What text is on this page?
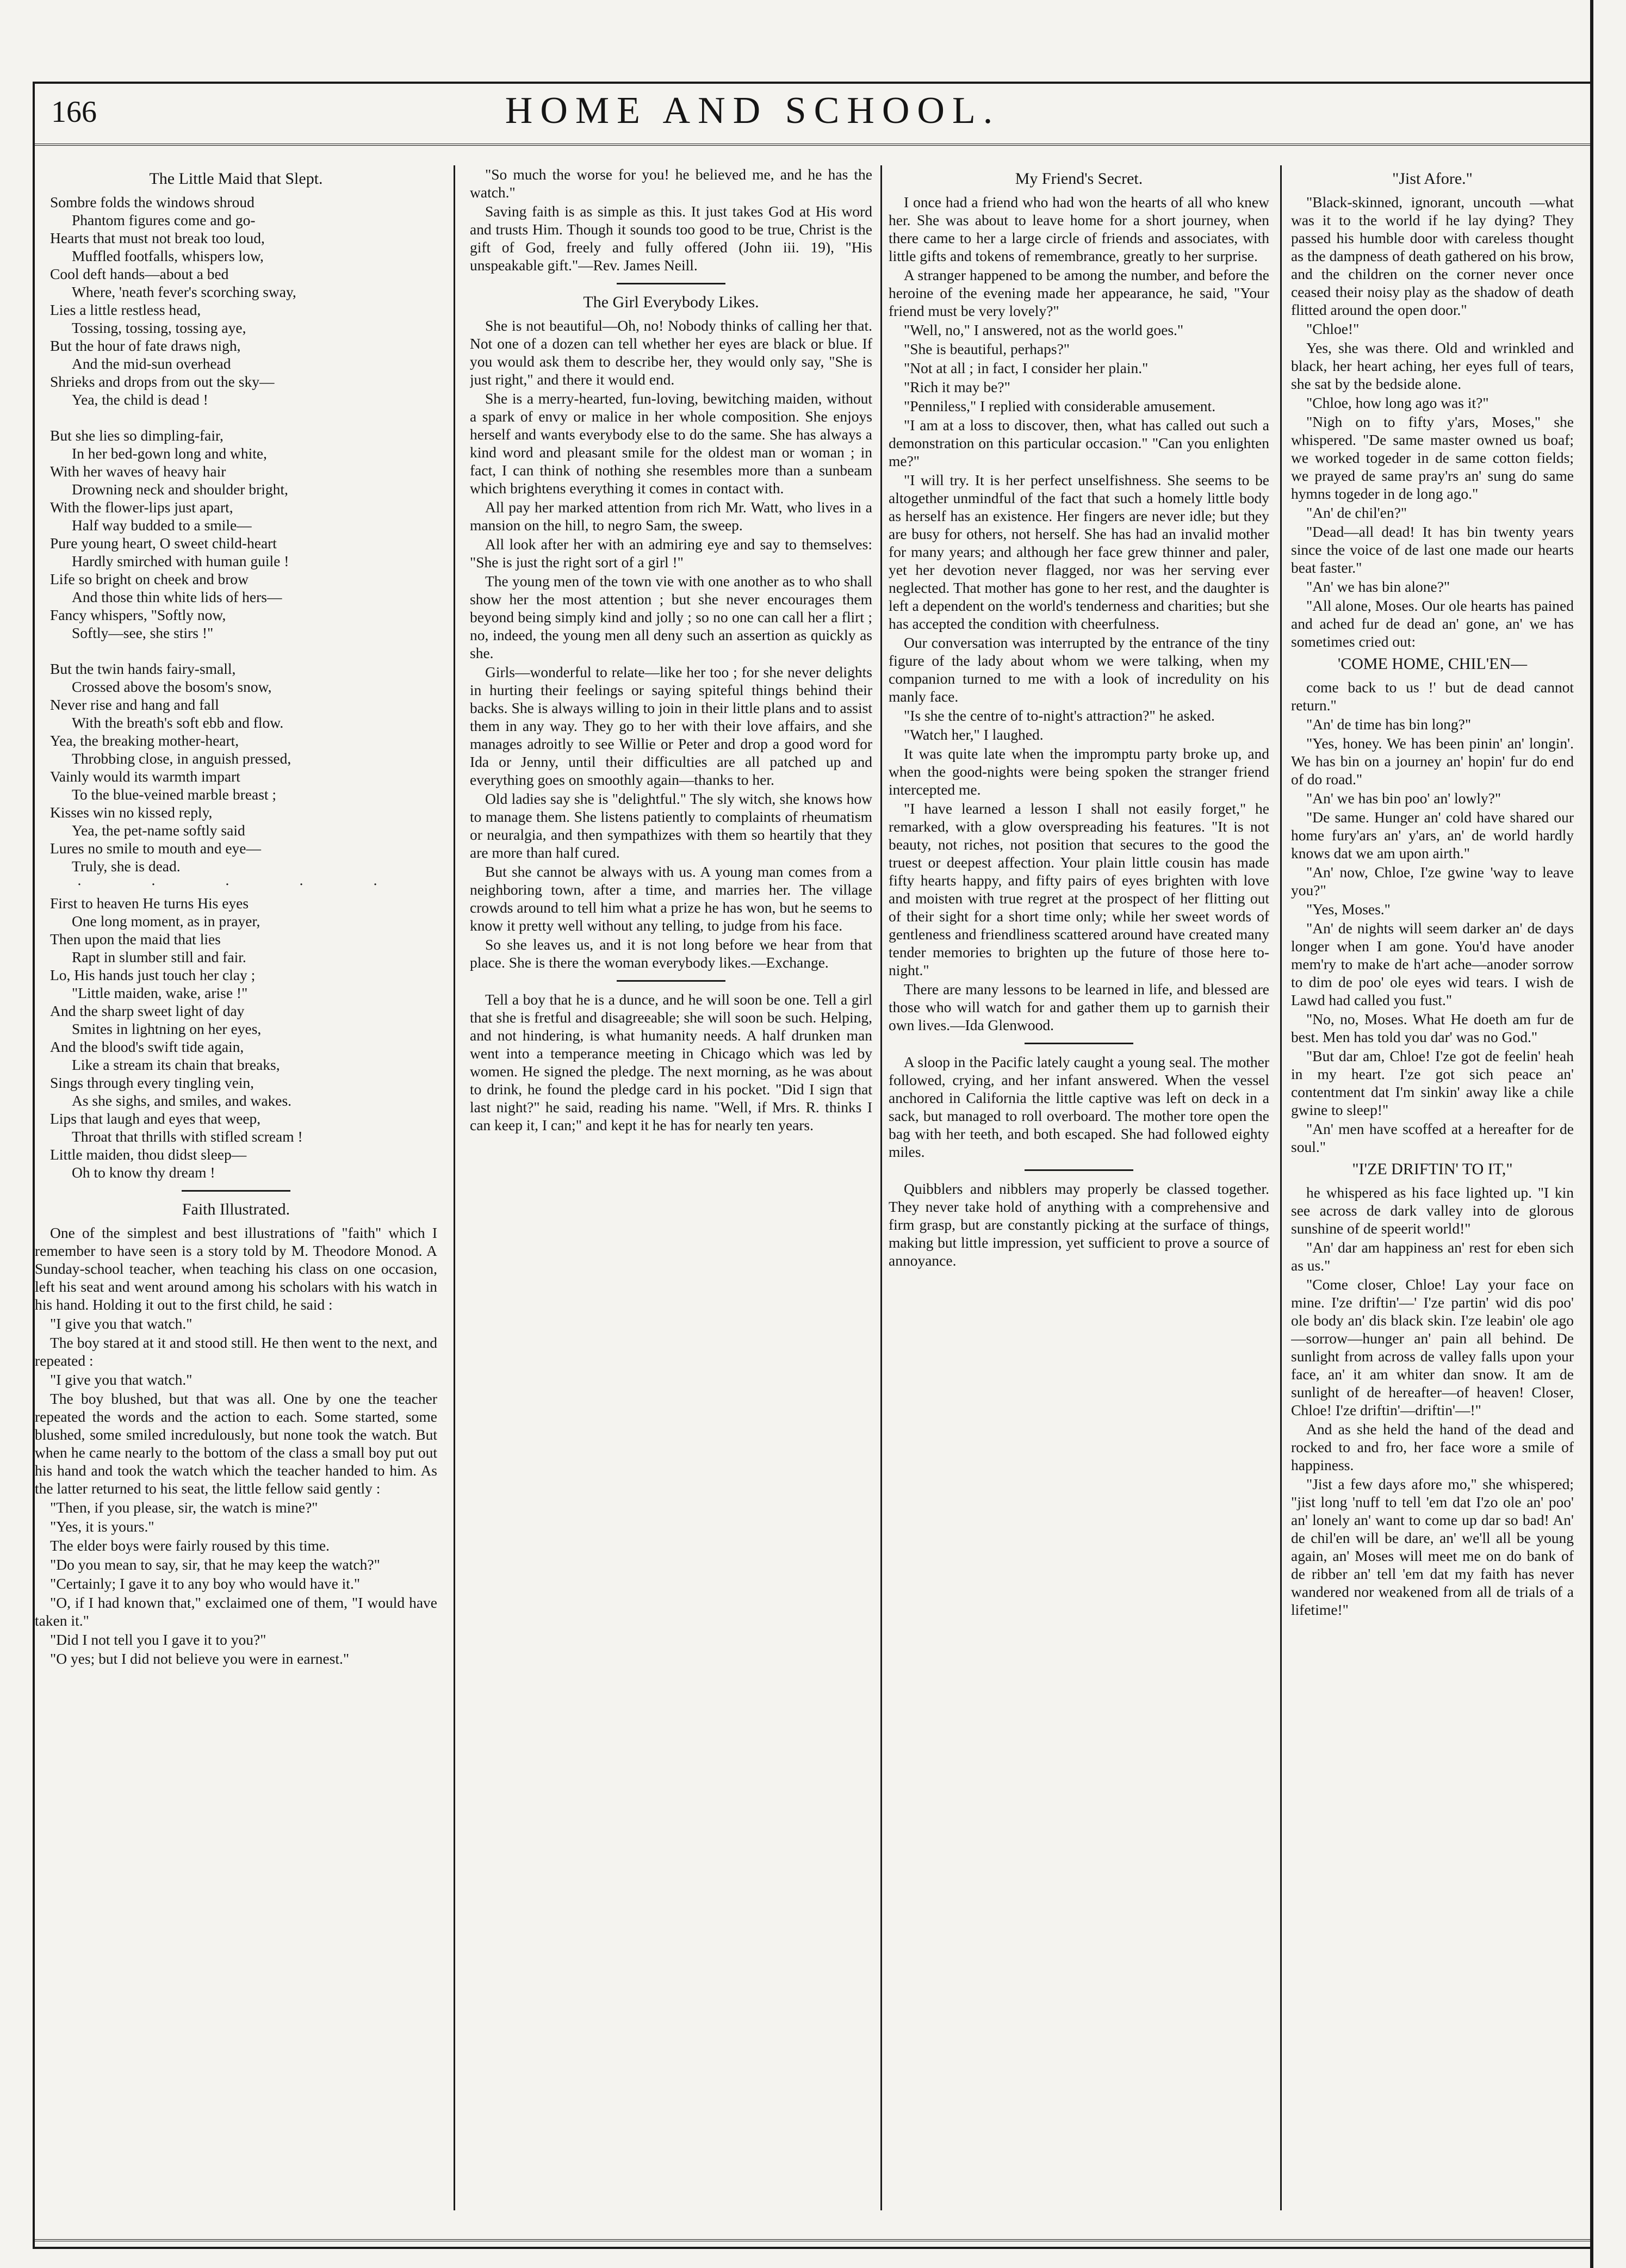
166	HOME AND SCHOOL.
The Little Maid that Slept.

Sombre folds the windows shroud

Phantom figures come and go-

Hearts that must not break too loud,

Muffled footfalls, whispers low,

Cool deft hands—about a bed

Where, 'neath fever's scorching sway,

Lies a little restless head,

Tossing, tossing, tossing aye,

But the hour of fate draws nigh,

And the mid-sun overhead

Shrieks and drops from out the sky—

Yea, the child is dead !

But she lies so dimpling-fair,

In her bed-gown long and white,

With her waves of heavy hair

Drowning neck and shoulder bright,

With the flower-lips just apart,

Half way budded to a smile—

Pure young heart, O sweet child-heart

Hardly smirched with human guile !

Life so bright on cheek and brow

And those thin white lids of hers—

Fancy whispers, "Softly now,

Softly—see, she stirs !"

But the twin hands fairy-small,

Crossed above the bosom's snow,

Never rise and hang and fall

With the breath's soft ebb and flow.

Yea, the breaking mother-heart,

Throbbing close, in anguish pressed,

Vainly would its warmth impart

To the blue-veined marble breast ;

Kisses win no kissed reply,

Yea, the pet-name softly said

Lures no smile to mouth and eye—

Truly, she is dead.

· · · · ·

First to heaven He turns His eyes

One long moment, as in prayer,

Then upon the maid that lies

Rapt in slumber still and fair.

Lo, His hands just touch her clay ;

"Little maiden, wake, arise !"

And the sharp sweet light of day

Smites in lightning on her eyes,

And the blood's swift tide again,

Like a stream its chain that breaks,

Sings through every tingling vein,

As she sighs, and smiles, and wakes.

Lips that laugh and eyes that weep,

Throat that thrills with stifled scream !

Little maiden, thou didst sleep—

Oh to know thy dream !

Faith Illustrated.

One of the simplest and best illustrations of "faith" which I remember to have seen is a story told by M. Theodore Monod. A Sunday-school teacher, when teaching his class on one occasion, left his seat and went around among his scholars with his watch in his hand. Holding it out to the first child, he said :

"I give you that watch."

The boy stared at it and stood still. He then went to the next, and repeated :

"I give you that watch."

The boy blushed, but that was all. One by one the teacher repeated the words and the action to each. Some started, some blushed, some smiled incredulously, but none took the watch. But when he came nearly to the bottom of the class a small boy put out his hand and took the watch which the teacher handed to him. As the latter returned to his seat, the little fellow said gently :

"Then, if you please, sir, the watch is mine?"

"Yes, it is yours."

The elder boys were fairly roused by this time.

"Do you mean to say, sir, that he may keep the watch?"

"Certainly; I gave it to any boy who would have it."

"O, if I had known that," exclaimed one of them, "I would have taken it."

"Did I not tell you I gave it to you?"

"O yes; but I did not believe you were in earnest."

"So much the worse for you! he believed me, and he has the watch."

Saving faith is as simple as this. It just takes God at His word and trusts Him. Though it sounds too good to be true, Christ is the gift of God, freely and fully offered (John iii. 19), "His unspeakable gift."—Rev. James Neill.

The Girl Everybody Likes.

She is not beautiful—Oh, no! Nobody thinks of calling her that. Not one of a dozen can tell whether her eyes are black or blue. If you would ask them to describe her, they would only say, "She is just right," and there it would end.

She is a merry-hearted, fun-loving, bewitching maiden, without a spark of envy or malice in her whole composition. She enjoys herself and wants everybody else to do the same. She has always a kind word and pleasant smile for the oldest man or woman ; in fact, I can think of nothing she resembles more than a sunbeam which brightens everything it comes in contact with.

All pay her marked attention from rich Mr. Watt, who lives in a mansion on the hill, to negro Sam, the sweep.

All look after her with an admiring eye and say to themselves: "She is just the right sort of a girl !"

The young men of the town vie with one another as to who shall show her the most attention ; but she never encourages them beyond being simply kind and jolly ; so no one can call her a flirt ; no, indeed, the young men all deny such an assertion as quickly as she.

Girls—wonderful to relate—like her too ; for she never delights in hurting their feelings or saying spiteful things behind their backs. She is always willing to join in their little plans and to assist them in any way. They go to her with their love affairs, and she manages adroitly to see Willie or Peter and drop a good word for Ida or Jenny, until their difficulties are all patched up and everything goes on smoothly again—thanks to her.

Old ladies say she is "delightful." The sly witch, she knows how to manage them. She listens patiently to complaints of rheumatism or neuralgia, and then sympathizes with them so heartily that they are more than half cured.

But she cannot be always with us. A young man comes from a neighboring town, after a time, and marries her. The village crowds around to tell him what a prize he has won, but he seems to know it pretty well without any telling, to judge from his face.

So she leaves us, and it is not long before we hear from that place. She is there the woman everybody likes.—Exchange.

Tell a boy that he is a dunce, and he will soon be one. Tell a girl that she is fretful and disagreeable; she will soon be such. Helping, and not hindering, is what humanity needs. A half drunken man went into a temperance meeting in Chicago which was led by women. He signed the pledge. The next morning, as he was about to drink, he found the pledge card in his pocket. "Did I sign that last night?" he said, reading his name. "Well, if Mrs. R. thinks I can keep it, I can;" and kept it he has for nearly ten years.

My Friend's Secret.

I once had a friend who had won the hearts of all who knew her. She was about to leave home for a short journey, when there came to her a large circle of friends and associates, with little gifts and tokens of remembrance, greatly to her surprise.

A stranger happened to be among the number, and before the heroine of the evening made her appearance, he said, "Your friend must be very lovely?"

"Well, no," I answered, not as the world goes."

"She is beautiful, perhaps?"

"Not at all ; in fact, I consider her plain."

"Rich it may be?"

"Penniless," I replied with considerable amusement.

"I am at a loss to discover, then, what has called out such a demonstration on this particular occasion." "Can you enlighten me?"

"I will try. It is her perfect unselfishness. She seems to be altogether unmindful of the fact that such a homely little body as herself has an existence. Her fingers are never idle; but they are busy for others, not herself. She has had an invalid mother for many years; and although her face grew thinner and paler, yet her devotion never flagged, nor was her serving ever neglected. That mother has gone to her rest, and the daughter is left a dependent on the world's tenderness and charities; but she has accepted the condition with cheerfulness.

Our conversation was interrupted by the entrance of the tiny figure of the lady about whom we were talking, when my companion turned to me with a look of incredulity on his manly face.

"Is she the centre of to-night's attraction?" he asked.

"Watch her," I laughed.

It was quite late when the impromptu party broke up, and when the good-nights were being spoken the stranger friend intercepted me.

"I have learned a lesson I shall not easily forget," he remarked, with a glow overspreading his features. "It is not beauty, not riches, not position that secures to the good the truest or deepest affection. Your plain little cousin has made fifty hearts happy, and fifty pairs of eyes brighten with love and moisten with true regret at the prospect of her flitting out of their sight for a short time only; while her sweet words of gentleness and friendliness scattered around have created many tender memories to brighten up the future of those here to-night."

There are many lessons to be learned in life, and blessed are those who will watch for and gather them up to garnish their own lives.—Ida Glenwood.

A sloop in the Pacific lately caught a young seal. The mother followed, crying, and her infant answered. When the vessel anchored in California the little captive was left on deck in a sack, but managed to roll overboard. The mother tore open the bag with her teeth, and both escaped. She had followed eighty miles.

Quibblers and nibblers may properly be classed together. They never take hold of anything with a comprehensive and firm grasp, but are constantly picking at the surface of things, making but little impression, yet sufficient to prove a source of annoyance.

"Jist Afore."

"Black-skinned, ignorant, uncouth —what was it to the world if he lay dying? They passed his humble door with careless thought as the dampness of death gathered on his brow, and the children on the corner never once ceased their noisy play as the shadow of death flitted around the open door."

"Chloe!"

Yes, she was there. Old and wrinkled and black, her heart aching, her eyes full of tears, she sat by the bedside alone.

"Chloe, how long ago was it?"

"Nigh on to fifty y'ars, Moses," she whispered. "De same master owned us boaf; we worked togeder in de same cotton fields; we prayed de same pray'rs an' sung do same hymns togeder in de long ago."

"An' de chil'en?"

"Dead—all dead! It has bin twenty years since the voice of de last one made our hearts beat faster."

"An' we has bin alone?"

"All alone, Moses. Our ole hearts has pained and ached fur de dead an' gone, an' we has sometimes cried out:

'COME HOME, CHIL'EN—

come back to us !' but de dead cannot return."

"An' de time has bin long?"

"Yes, honey. We has been pinin' an' longin'. We has bin on a journey an' hopin' fur do end of do road."

"An' we has bin poo' an' lowly?"

"De same. Hunger an' cold have shared our home fury'ars an' y'ars, an' de world hardly knows dat we am upon airth."

"An' now, Chloe, I'ze gwine 'way to leave you?"

"Yes, Moses."

"An' de nights will seem darker an' de days longer when I am gone. You'd have anoder mem'ry to make de h'art ache—anoder sorrow to dim de poo' ole eyes wid tears. I wish de Lawd had called you fust."

"No, no, Moses. What He doeth am fur de best. Men has told you dar' was no God."

"But dar am, Chloe! I'ze got de feelin' heah in my heart. I'ze got sich peace an' contentment dat I'm sinkin' away like a chile gwine to sleep!"

"An' men have scoffed at a hereafter for de soul."

"I'ZE DRIFTIN' TO IT,"

he whispered as his face lighted up. "I kin see across de dark valley into de glorous sunshine of de speerit world!"

"An' dar am happiness an' rest for eben sich as us."

"Come closer, Chloe! Lay your face on mine. I'ze driftin'—' I'ze partin' wid dis poo' ole body an' dis black skin. I'ze leabin' ole ago—sorrow—hunger an' pain all behind. De sunlight from across de valley falls upon your face, an' it am whiter dan snow. It am de sunlight of de hereafter—of heaven! Closer, Chloe! I'ze driftin'—driftin'—!"

And as she held the hand of the dead and rocked to and fro, her face wore a smile of happiness.

"Jist a few days afore mo," she whispered; "jist long 'nuff to tell 'em dat I'zo ole an' poo' an' lonely an' want to come up dar so bad! An' de chil'en will be dare, an' we'll all be young again, an' Moses will meet me on do bank of de ribber an' tell 'em dat my faith has never wandered nor weakened from all de trials of a lifetime!"
